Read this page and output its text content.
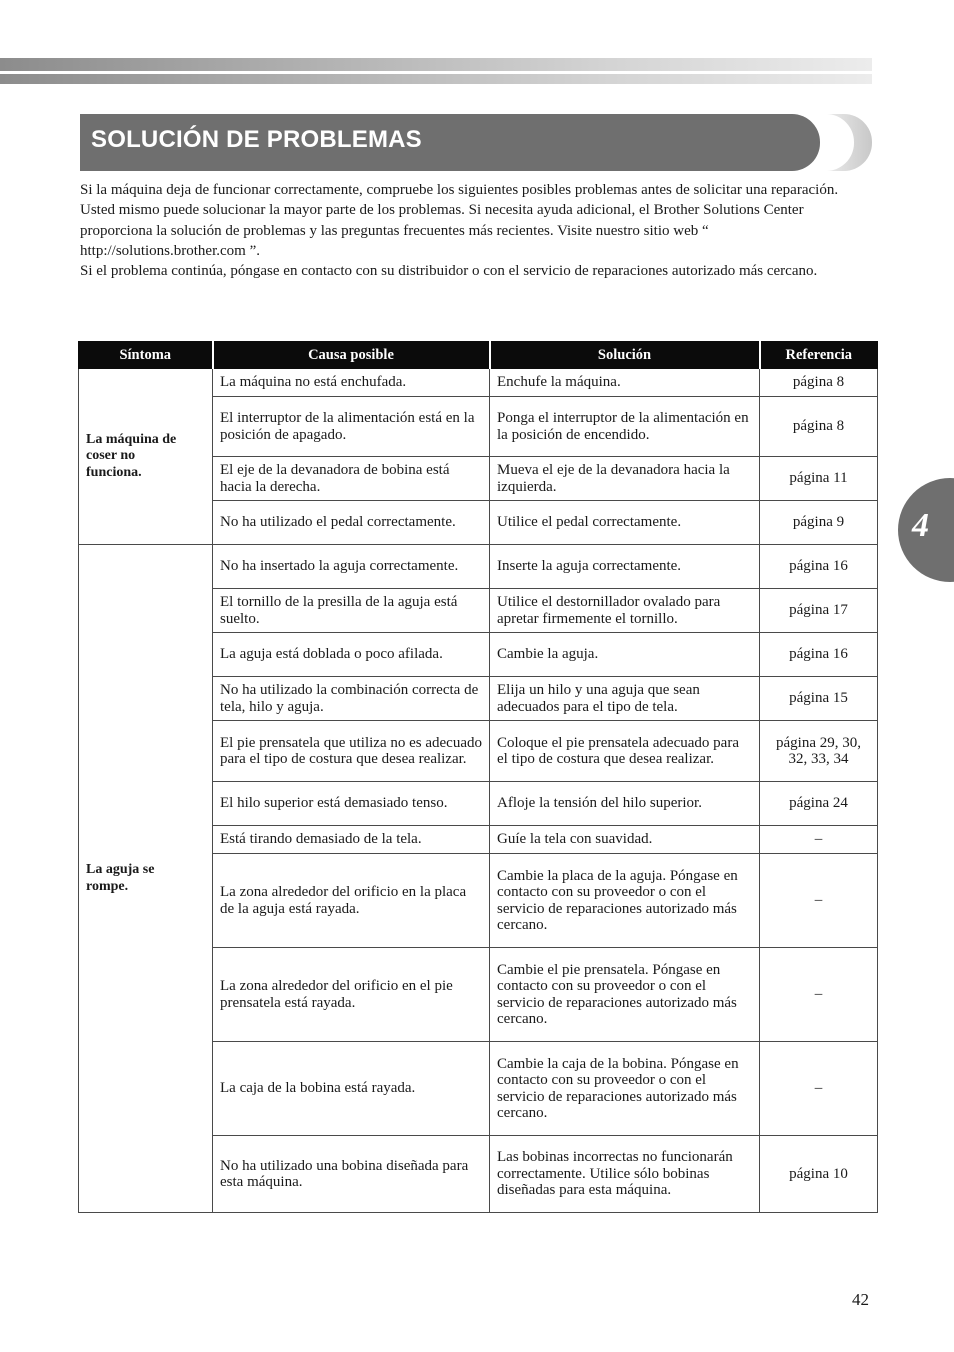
SOLUCIÓN DE PROBLEMAS

Si la máquina deja de funcionar correctamente, compruebe los siguientes posibles problemas antes de solicitar una reparación.

Usted mismo puede solucionar la mayor parte de los problemas. Si necesita ayuda adicional, el Brother Solutions Center proporciona la solución de problemas y las preguntas frecuentes más recientes. Visite nuestro sitio web “ http://solutions.brother.com ”.

Si el problema continúa, póngase en contacto con su distribuidor o con el servicio de reparaciones autorizado más cercano.

4
Síntoma	Causa posible	Solución	Referencia
La máquina de coser no funciona.	La máquina no está enchufada.	Enchufe la máquina.	página 8
	El interruptor de la alimentación está en la posición de apagado.	Ponga el interruptor de la alimentación en la posición de encendido.	página 8
	El eje de la devanadora de bobina está hacia la derecha.	Mueva el eje de la devanadora hacia la izquierda.	página 11
	No ha utilizado el pedal correctamente.	Utilice el pedal correctamente.	página 9
La aguja se rompe.	No ha insertado la aguja correctamente.	Inserte la aguja correctamente.	página 16
	El tornillo de la presilla de la aguja está suelto.	Utilice el destornillador ovalado para apretar firmemente el tornillo.	página 17
	La aguja está doblada o poco afilada.	Cambie la aguja.	página 16
	No ha utilizado la combinación correcta de tela, hilo y aguja.	Elija un hilo y una aguja que sean adecuados para el tipo de tela.	página 15
	El pie prensatela que utiliza no es adecuado para el tipo de costura que desea realizar.	Coloque el pie prensatela adecuado para el tipo de costura que desea realizar.	página 29, 30, 32, 33, 34
	El hilo superior está demasiado tenso.	Afloje la tensión del hilo superior.	página 24
	Está tirando demasiado de la tela.	Guíe la tela con suavidad.	–
	La zona alrededor del orificio en la placa de la aguja está rayada.	Cambie la placa de la aguja. Póngase en contacto con su proveedor o con el servicio de reparaciones autorizado más cercano.	–
	La zona alrededor del orificio en el pie prensatela está rayada.	Cambie el pie prensatela. Póngase en contacto con su proveedor o con el servicio de reparaciones autorizado más cercano.	–
	La caja de la bobina está rayada.	Cambie la caja de la bobina. Póngase en contacto con su proveedor o con el servicio de reparaciones autorizado más cercano.	–
	No ha utilizado una bobina diseñada para esta máquina.	Las bobinas incorrectas no funcionarán correctamente. Utilice sólo bobinas diseñadas para esta máquina.	página 10
42
